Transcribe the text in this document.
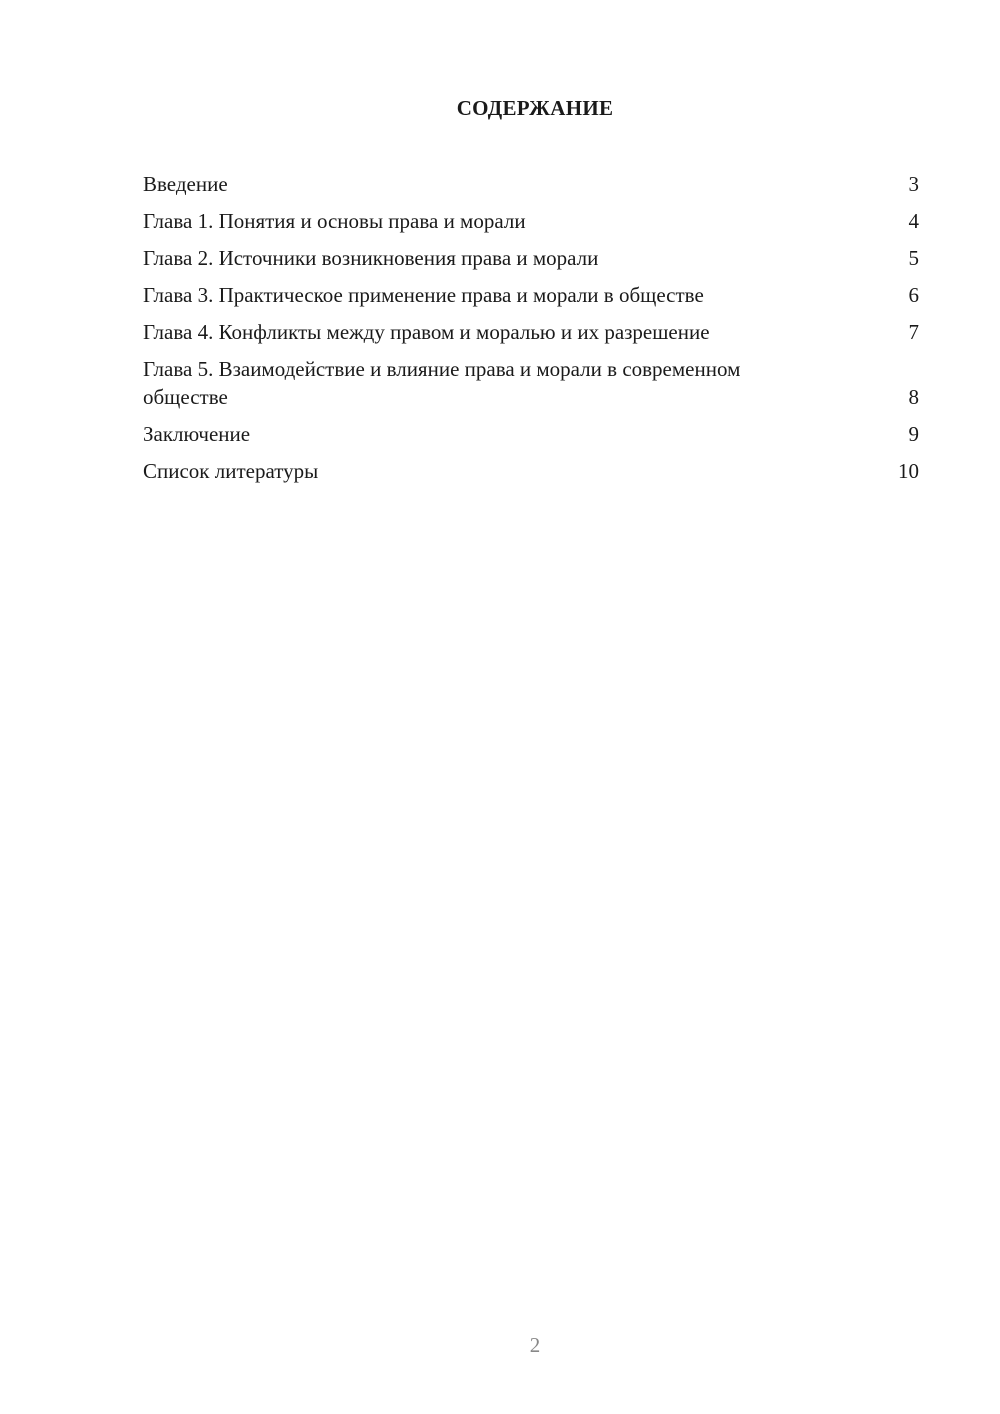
СОДЕРЖАНИЕ
Введение	3
Глава 1. Понятия и основы права и морали	4
Глава 2. Источники возникновения права и морали	5
Глава 3. Практическое применение права и морали в обществе	6
Глава 4. Конфликты между правом и моралью и их разрешение	7
Глава 5. Взаимодействие и влияние права и морали в современном обществе	8
Заключение	9
Список литературы	10
2
